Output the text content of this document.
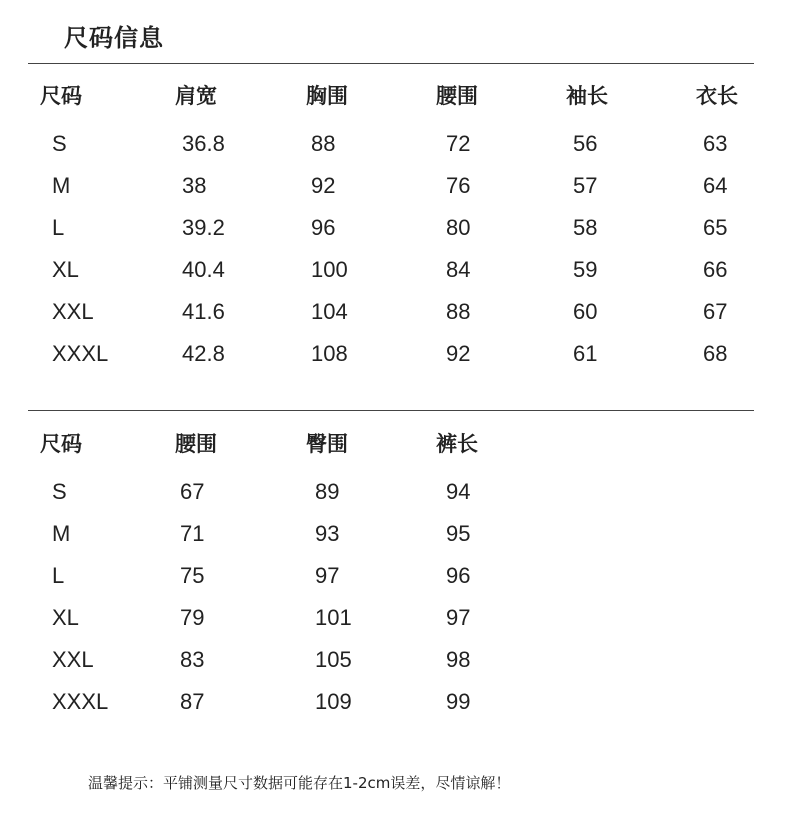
尺码信息
尺码	肩宽	胸围	腰围	袖长	衣长
S	36.8	88	72	56	63
M	38	92	76	57	64
L	39.2	96	80	58	65
XL	40.4	100	84	59	66
XXL	41.6	104	88	60	67
XXXL	42.8	108	92	61	68
尺码	腰围	臀围	裤长
S	67	89	94
M	71	93	95
L	75	97	96
XL	79	101	97
XXL	83	105	98
XXXL	87	109	99
温馨提示：平铺测量尺寸数据可能存在1-2cm误差，尽情谅解！
